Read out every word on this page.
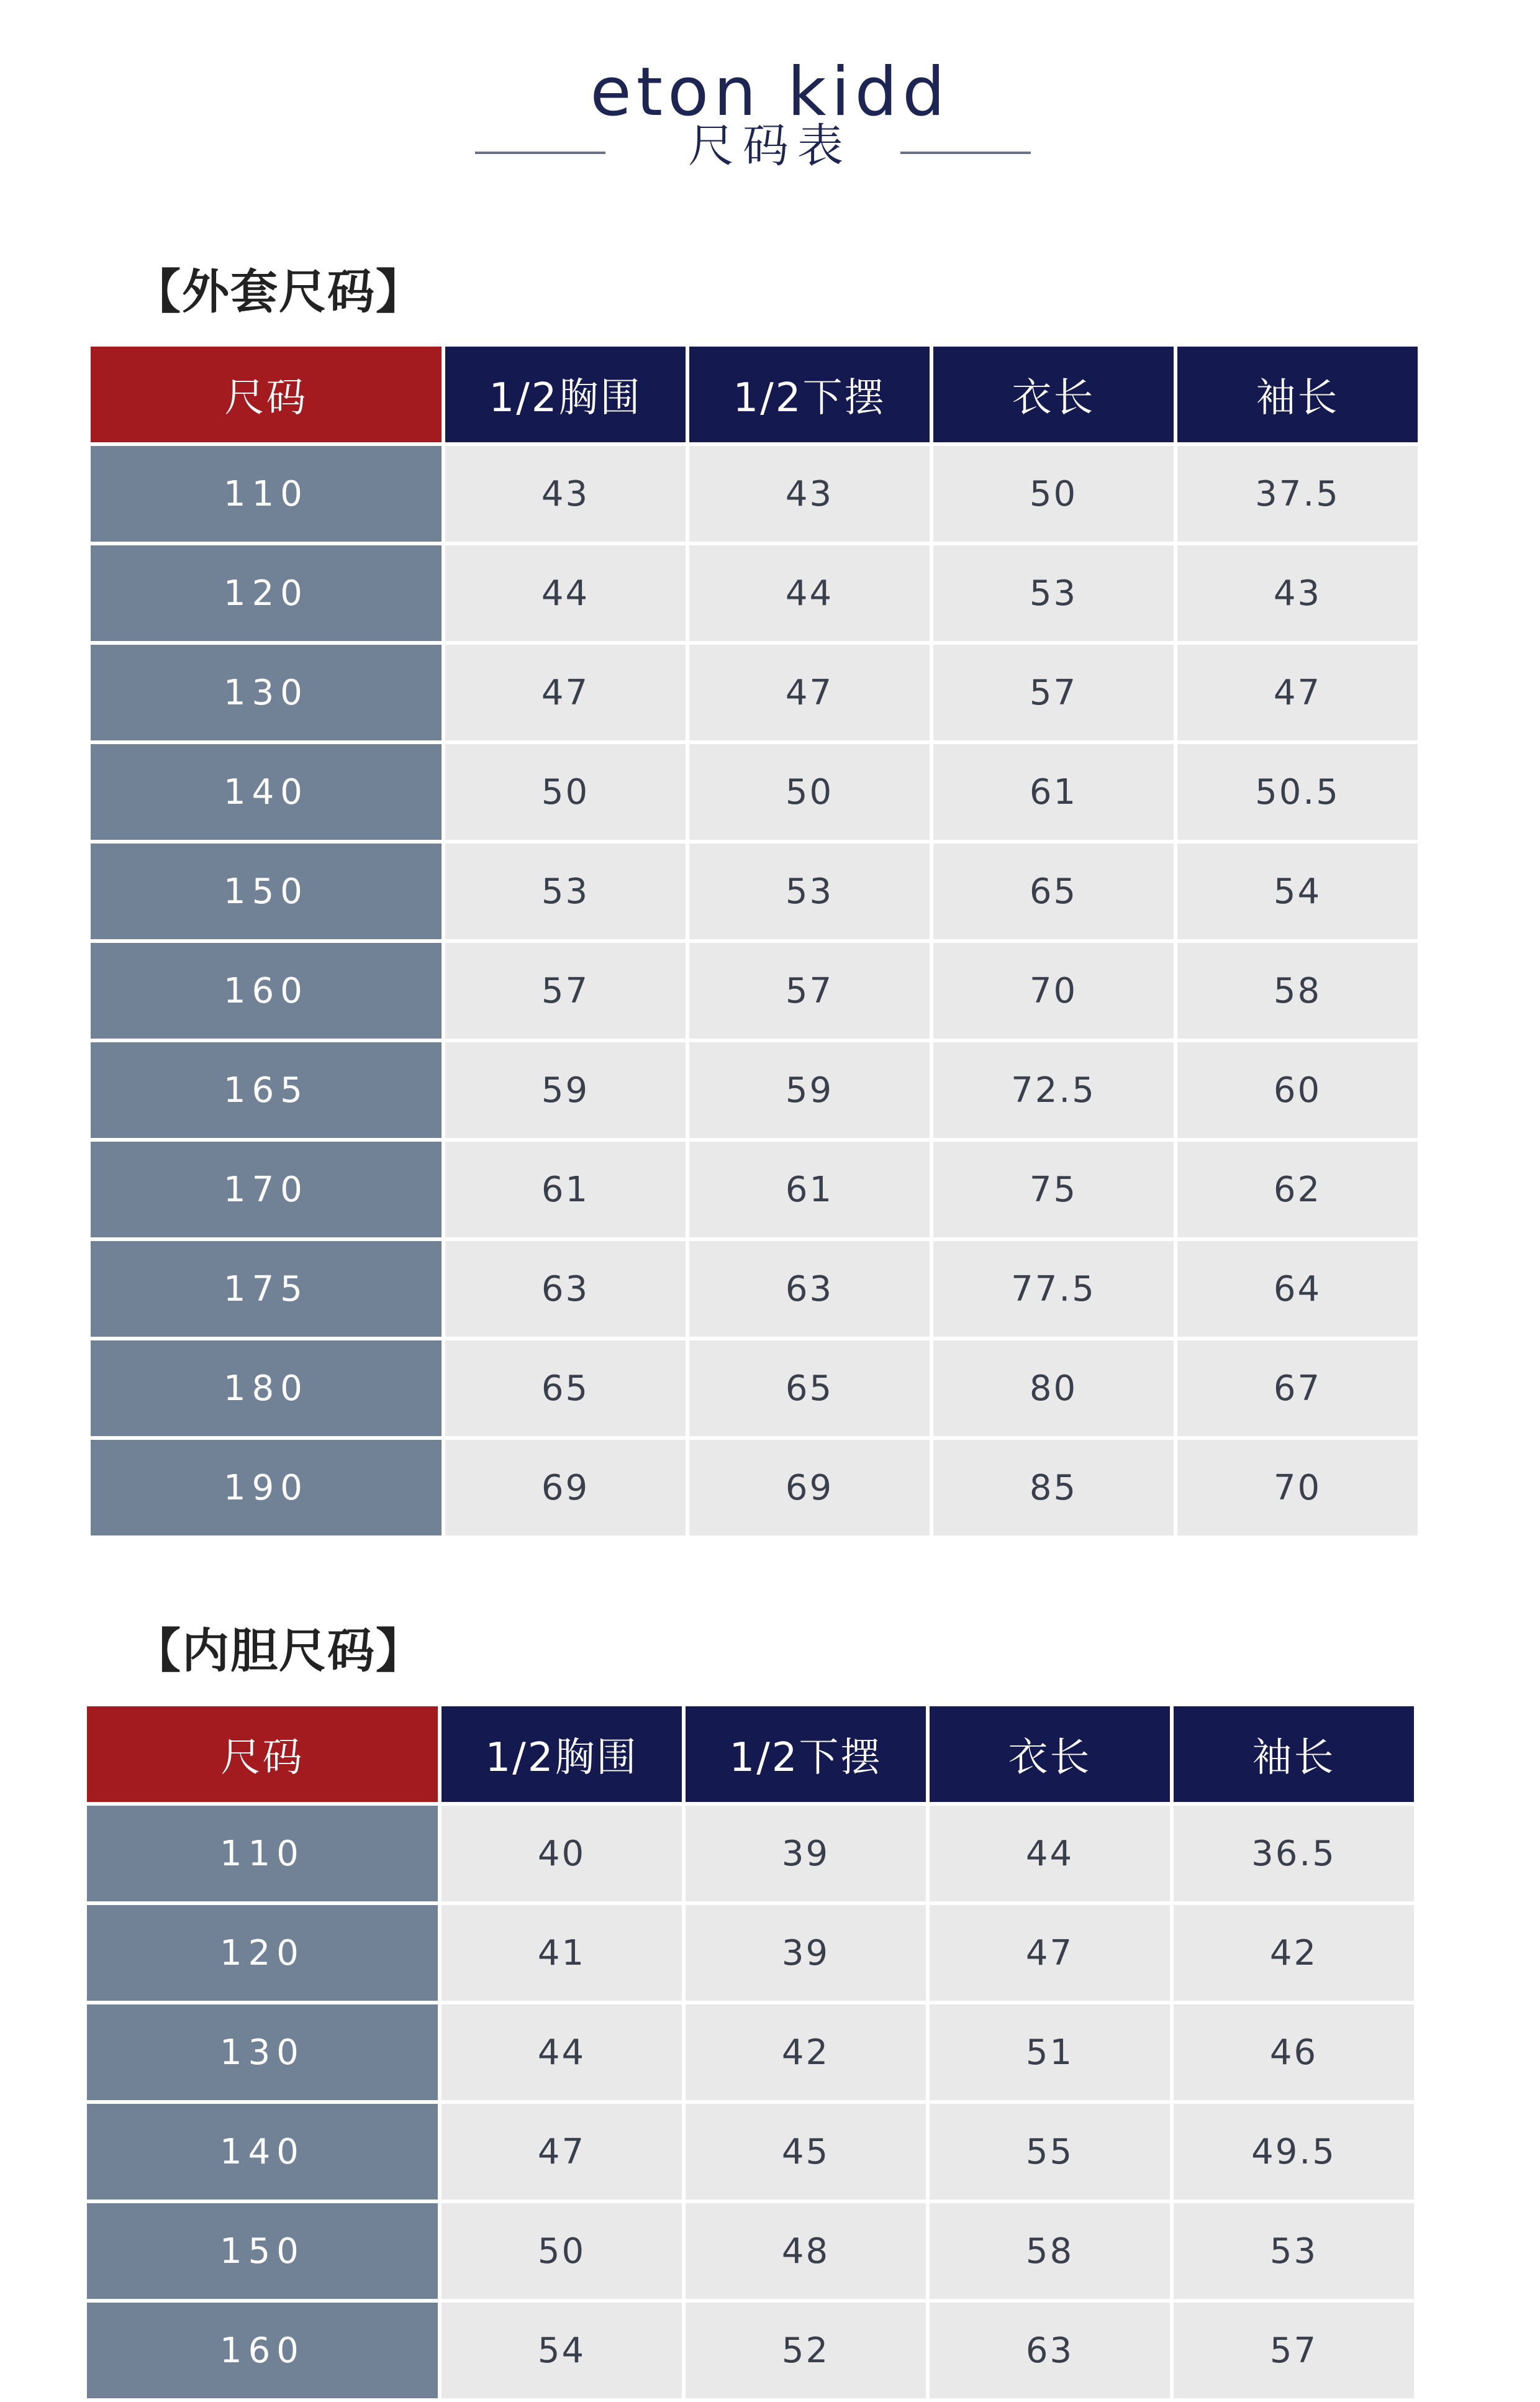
eton kidd
尺码表
【外套尺码】
尺码	1/2胸围	1/2下摆	衣长	袖长
110	43	43	50	37.5
120	44	44	53	43
130	47	47	57	47
140	50	50	61	50.5
150	53	53	65	54
160	57	57	70	58
165	59	59	72.5	60
170	61	61	75	62
175	63	63	77.5	64
180	65	65	80	67
190	69	69	85	70
【内胆尺码】
尺码	1/2胸围	1/2下摆	衣长	袖长
110	40	39	44	36.5
120	41	39	47	42
130	44	42	51	46
140	47	45	55	49.5
150	50	48	58	53
160	54	52	63	57
